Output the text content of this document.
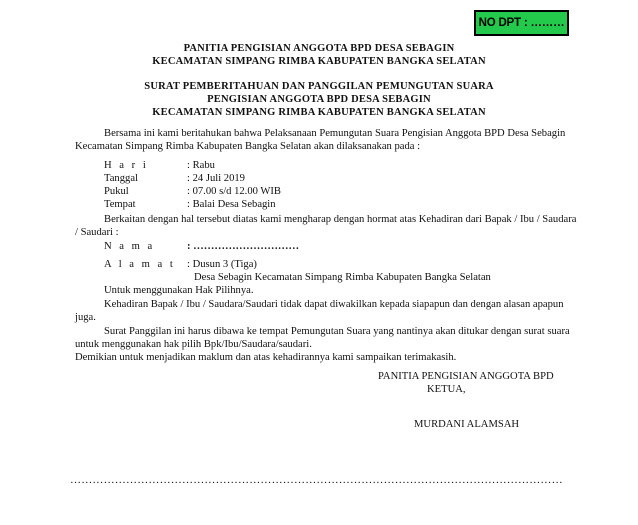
NO DPT : ………
PANITIA PENGISIAN ANGGOTA BPD DESA SEBAGIN
KECAMATAN SIMPANG RIMBA KABUPATEN BANGKA SELATAN
SURAT PEMBERITAHUAN DAN PANGGILAN PEMUNGUTAN SUARA
PENGISIAN ANGGOTA BPD DESA SEBAGIN
KECAMATAN SIMPANG RIMBA KABUPATEN BANGKA SELATAN
Bersama ini kami beritahukan bahwa Pelaksanaan Pemungutan Suara Pengisian Anggota BPD Desa Sebagin
Kecamatan Simpang Rimba Kabupaten Bangka Selatan akan dilaksanakan pada :
H a r i	: Rabu
Tanggal	: 24 Juli 2019
Pukul	: 07.00 s/d 12.00 WIB
Tempat	: Balai Desa Sebagin
Berkaitan dengan hal tersebut diatas kami mengharap dengan hormat atas Kehadiran dari Bapak / Ibu / Saudara
/ Saudari :
N a m a	: …………………………
A l a m a t : Dusun 3 (Tiga)
Desa Sebagin Kecamatan Simpang Rimba Kabupaten Bangka Selatan
Untuk menggunakan Hak Pilihnya.
Kehadiran Bapak / Ibu / Saudara/Saudari tidak dapat diwakilkan kepada siapapun dan dengan alasan apapun
juga.
Surat Panggilan ini harus dibawa ke tempat Pemungutan Suara yang nantinya akan ditukar dengan surat suara
untuk menggunakan hak pilih Bpk/Ibu/Saudara/saudari.
Demikian untuk menjadikan maklum dan atas kehadirannya kami sampaikan terimakasih.
PANITIA PENGISIAN ANGGOTA BPD
KETUA,
MURDANI ALAMSAH
……………………………………………………………………………………………………………………
